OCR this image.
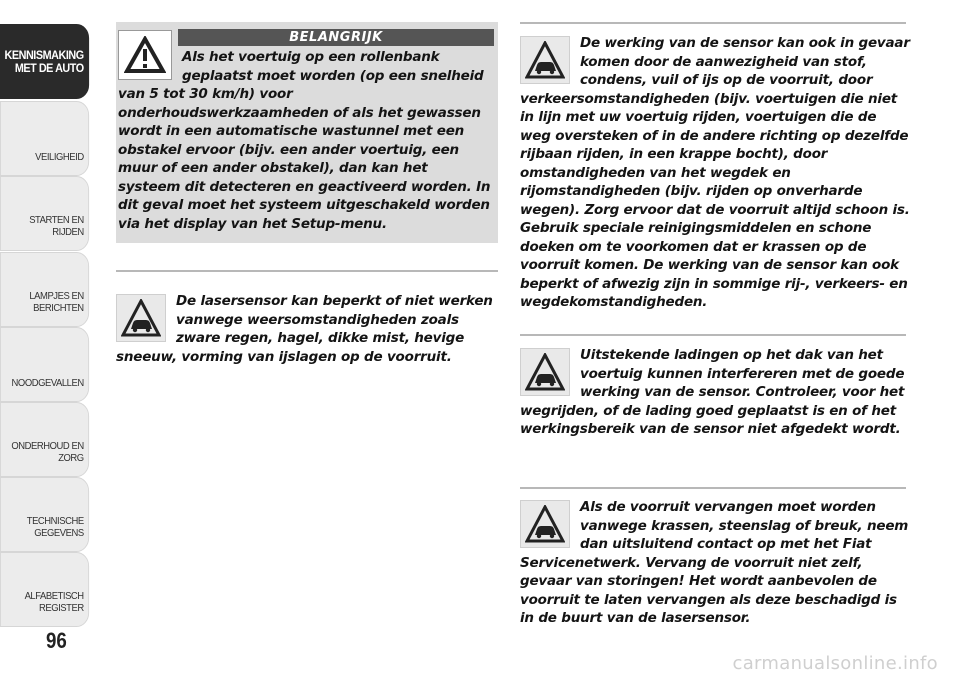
KENNISMAKING
MET DE AUTO
VEILIGHEID
STARTEN EN RIJDEN
LAMPJES EN
BERICHTEN
NOODGEVALLEN
ONDERHOUD EN
ZORG
TECHNISCHE
GEGEVENS
ALFABETISCH
REGISTER
96
BELANGRIJK
Als het voertuig op een rollenbank geplaatst moet worden (op een snelheid van 5 tot 30 km/h) voor onderhoudswerkzaamheden of als het gewassen wordt in een automatische wastunnel met een obstakel ervoor (bijv. een ander voertuig, een muur of een ander obstakel), dan kan het systeem dit detecteren en geactiveerd worden. In dit geval moet het systeem uitgeschakeld worden via het display van het Setup-menu.
De lasersensor kan beperkt of niet werken vanwege weersomstandigheden zoals zware regen, hagel, dikke mist, hevige sneeuw, vorming van ijslagen op de voorruit.
De werking van de sensor kan ook in gevaar komen door de aanwezigheid van stof, condens, vuil of ijs op de voorruit, door verkeersomstandigheden (bijv. voertuigen die niet in lijn met uw voertuig rijden, voertuigen die de weg oversteken of in de andere richting op dezelfde rijbaan rijden, in een krappe bocht), door omstandigheden van het wegdek en rijomstandigheden (bijv. rijden op onverharde wegen). Zorg ervoor dat de voorruit altijd schoon is. Gebruik speciale reinigingsmiddelen en schone doeken om te voorkomen dat er krassen op de voorruit komen. De werking van de sensor kan ook beperkt of afwezig zijn in sommige rij-, verkeers- en wegdekomstandigheden.
Uitstekende ladingen op het dak van het voertuig kunnen interfereren met de goede werking van de sensor. Controleer, voor het wegrijden, of de lading goed geplaatst is en of het werkingsbereik van de sensor niet afgedekt wordt.
Als de voorruit vervangen moet worden vanwege krassen, steenslag of breuk, neem dan uitsluitend contact op met het Fiat Servicenetwerk. Vervang de voorruit niet zelf, gevaar van storingen! Het wordt aanbevolen de voorruit te laten vervangen als deze beschadigd is in de buurt van de lasersensor.
carmanualsonline.info
